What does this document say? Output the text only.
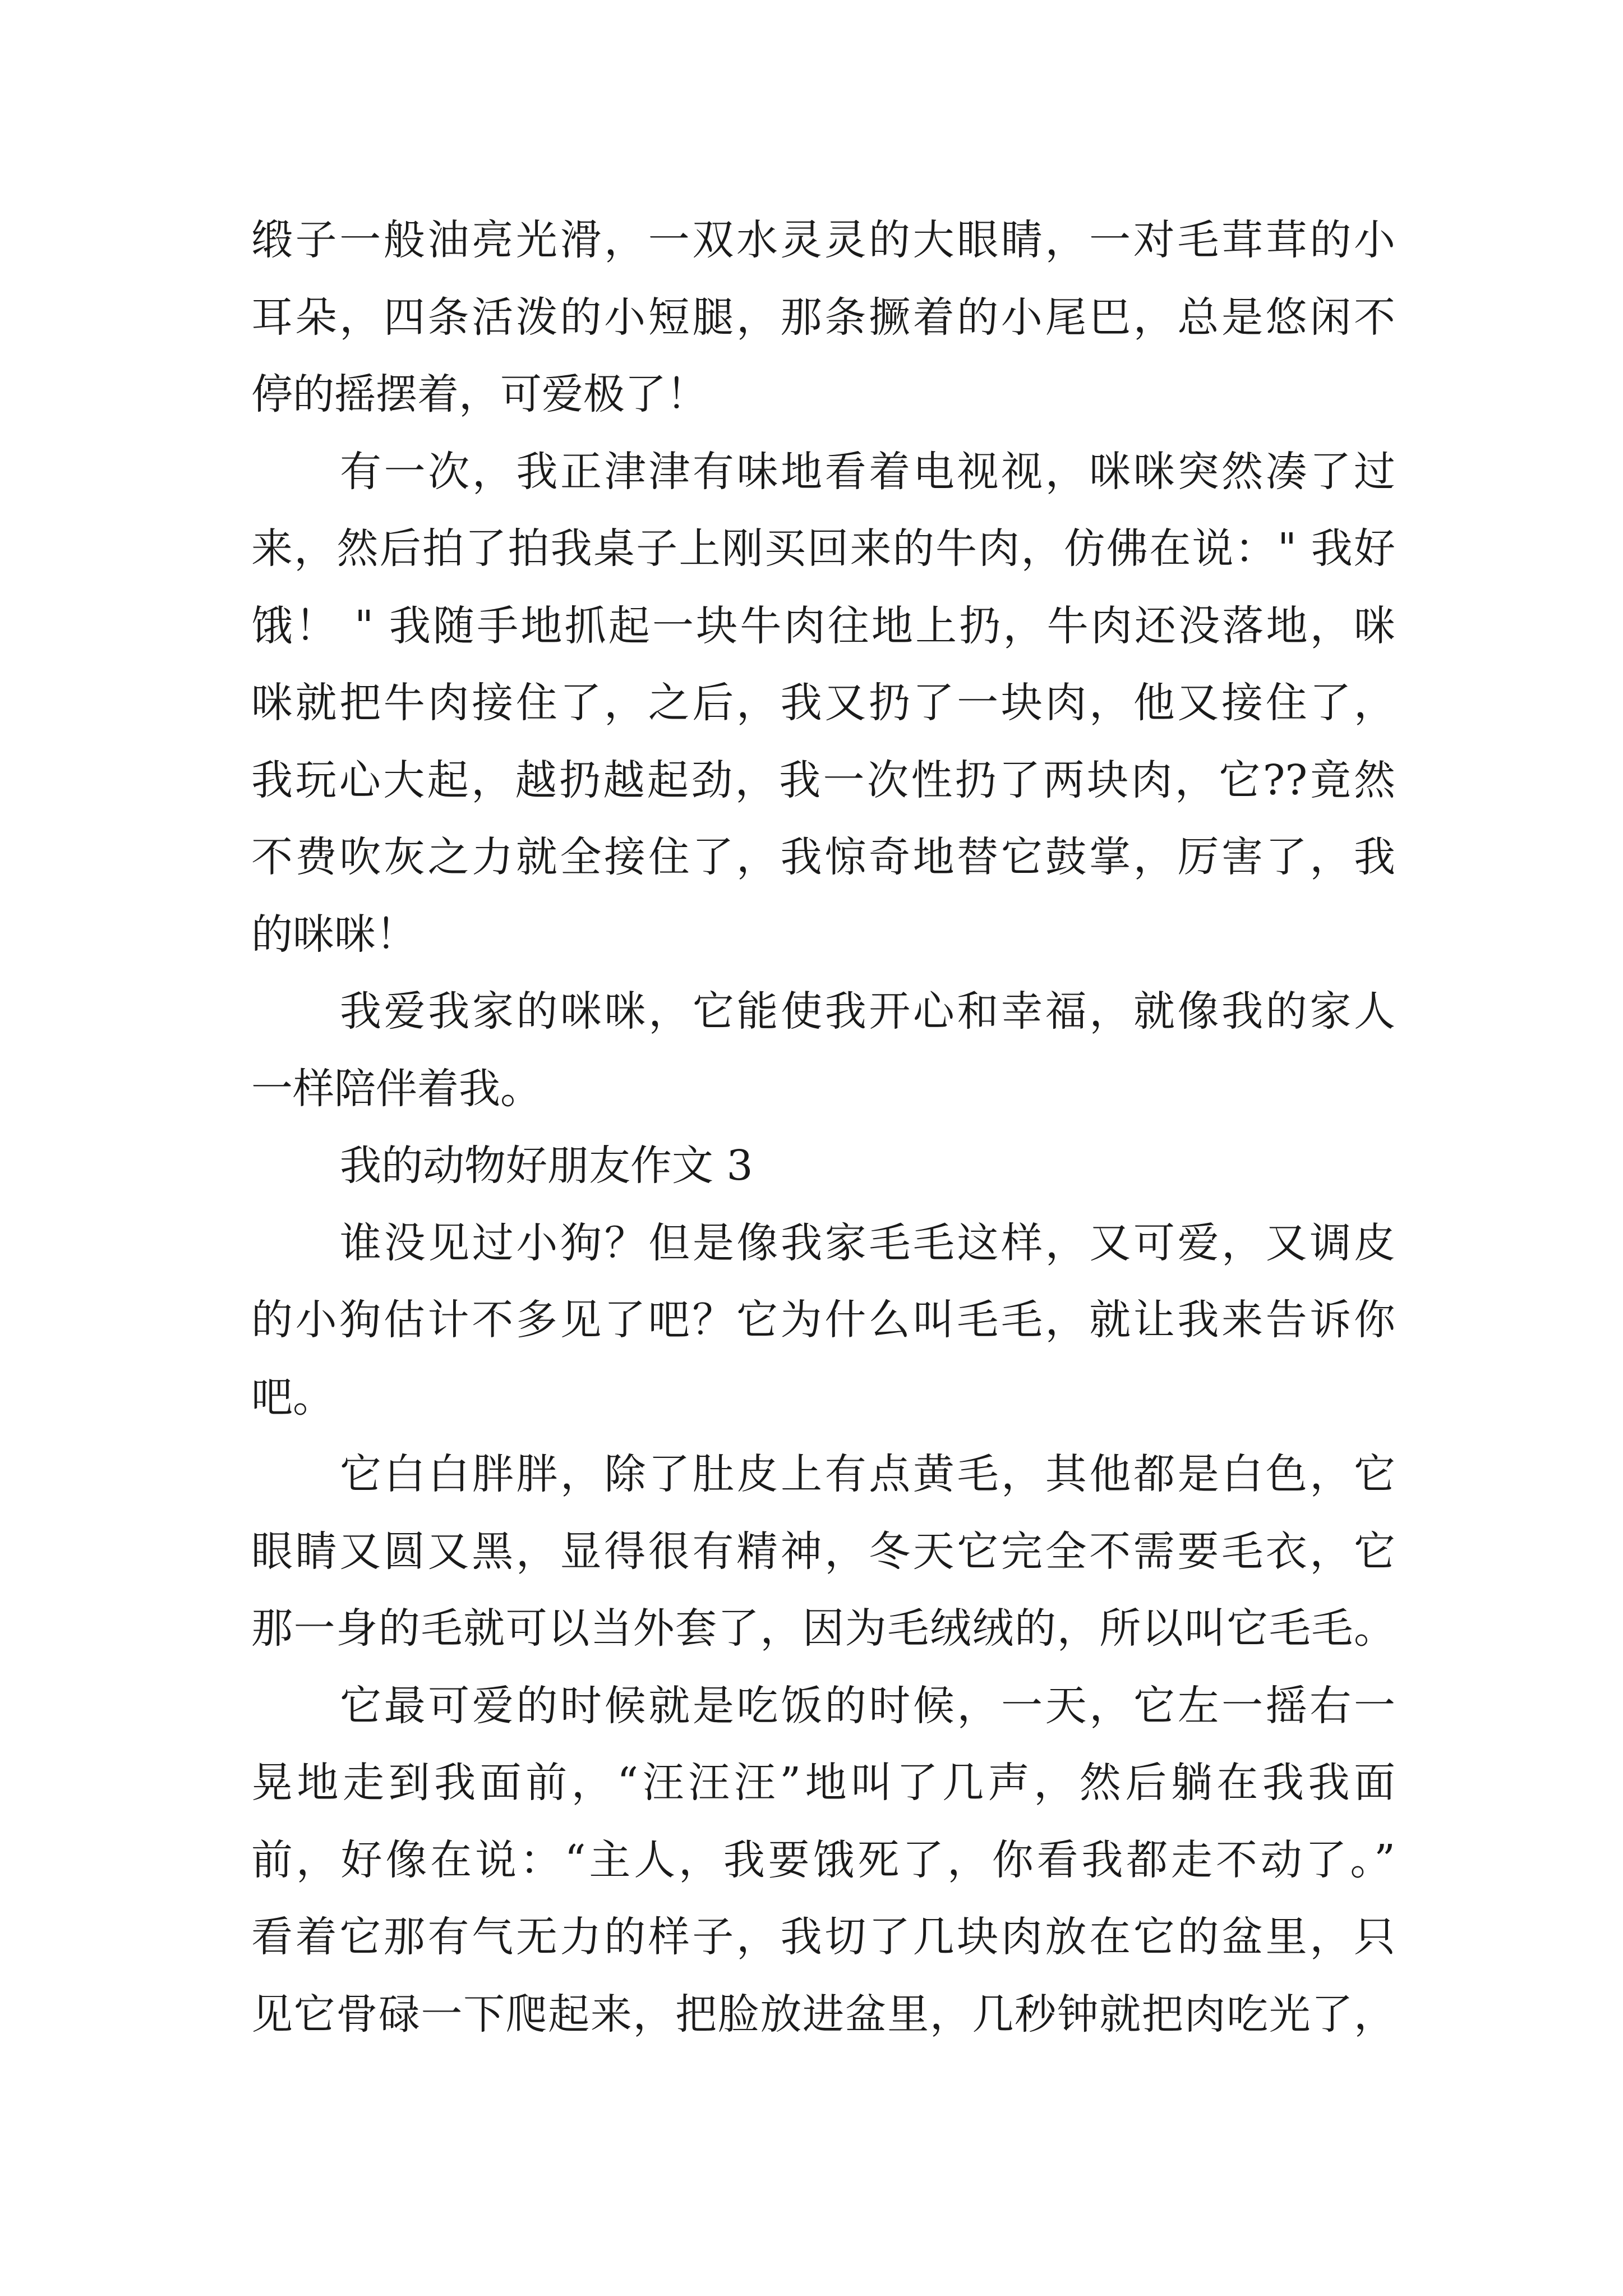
缎子一般油亮光滑，一双水灵灵的大眼睛，一对毛茸茸的小
耳朵，四条活泼的小短腿，那条撅着的小尾巴，总是悠闲不
停的摇摆着，可爱极了！
有一次，我正津津有味地看着电视视，咪咪突然凑了过
来，然后拍了拍我桌子上刚买回来的牛肉，仿佛在说：" 我好
饿！ " 我随手地抓起一块牛肉往地上扔，牛肉还没落地，咪
咪就把牛肉接住了，之后，我又扔了一块肉，他又接住了，
我玩心大起，越扔越起劲，我一次性扔了两块肉，它??竟然
不费吹灰之力就全接住了，我惊奇地替它鼓掌，厉害了，我
的咪咪！
我爱我家的咪咪，它能使我开心和幸福，就像我的家人
一样陪伴着我。
我的动物好朋友作文 3
谁没见过小狗？但是像我家毛毛这样，又可爱，又调皮
的小狗估计不多见了吧？它为什么叫毛毛，就让我来告诉你
吧。
它白白胖胖，除了肚皮上有点黄毛，其他都是白色，它
眼睛又圆又黑，显得很有精神，冬天它完全不需要毛衣，它
那一身的毛就可以当外套了，因为毛绒绒的，所以叫它毛毛。
它最可爱的时候就是吃饭的时候，一天，它左一摇右一
晃地走到我面前，“汪汪汪”地叫了几声，然后躺在我我面
前，好像在说：“主人，我要饿死了，你看我都走不动了。”
看着它那有气无力的样子，我切了几块肉放在它的盆里，只
见它骨碌一下爬起来，把脸放进盆里，几秒钟就把肉吃光了，
